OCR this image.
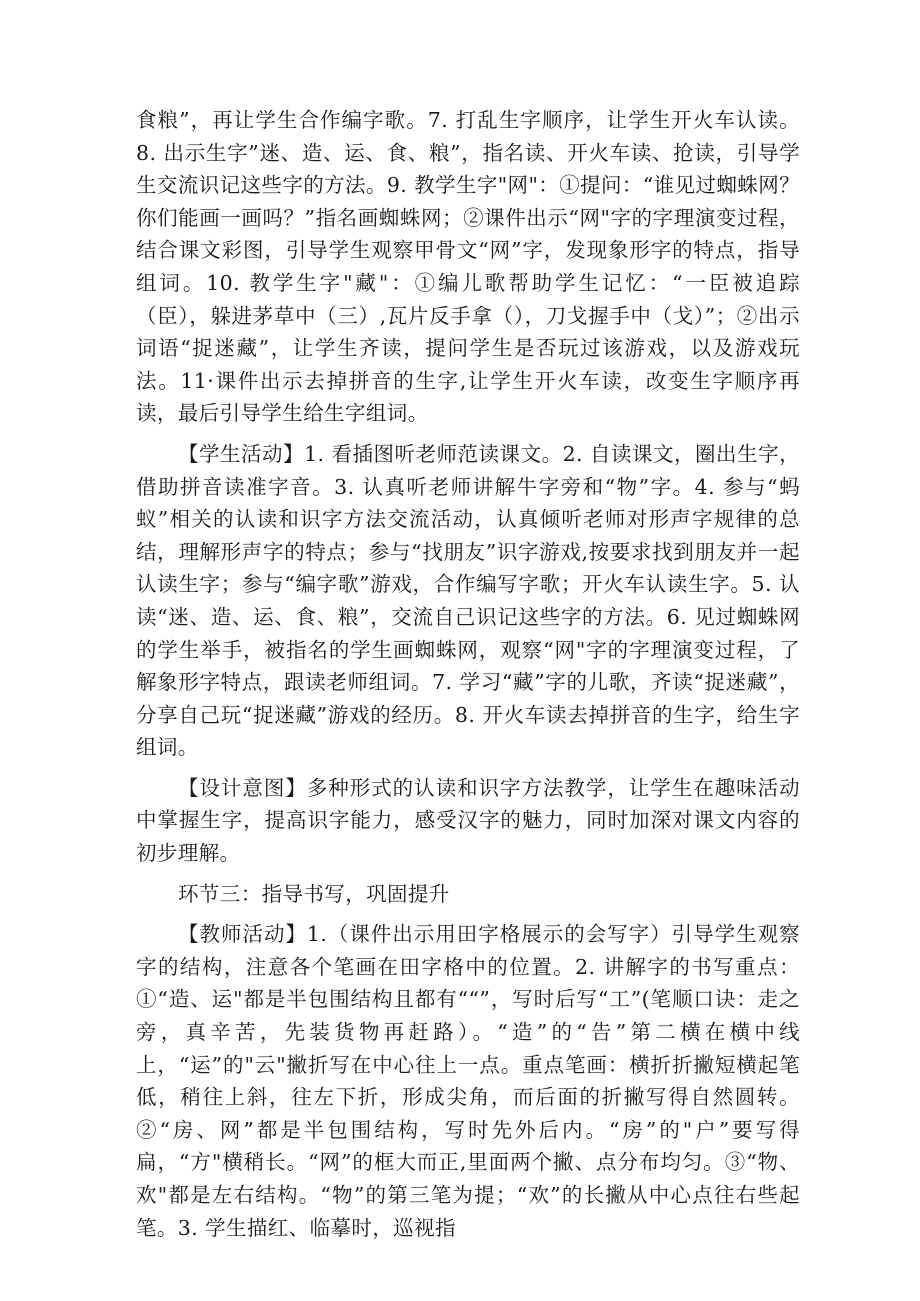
食粮”，再让学生合作编字歌。7. 打乱生字顺序，让学生开火车认读。8. 出示生字”迷、造、运、食、粮”，指名读、开火车读、抢读，引导学生交流识记这些字的方法。9. 教学生字"网"：①提问：“谁见过蜘蛛网？你们能画一画吗？”指名画蜘蛛网；②课件出示“网"字的字理演变过程，结合课文彩图，引导学生观察甲骨文“网”字，发现象形字的特点，指导组词。10. 教学生字"藏"：①编儿歌帮助学生记忆：“一臣被追踪（臣），躲进茅草中（三）,瓦片反手拿（），刀戈握手中（戈）”；②出示词语“捉迷藏”，让学生齐读，提问学生是否玩过该游戏，以及游戏玩法。11·课件出示去掉拼音的生字,让学生开火车读，改变生字顺序再读，最后引导学生给生字组词。

【学生活动】1. 看插图听老师范读课文。2. 自读课文，圈出生字，借助拼音读准字音。3. 认真听老师讲解牛字旁和“物”字。4. 参与“蚂蚁”相关的认读和识字方法交流活动，认真倾听老师对形声字规律的总结，理解形声字的特点；参与“找朋友”识字游戏,按要求找到朋友并一起认读生字；参与“编字歌”游戏，合作编写字歌；开火车认读生字。5. 认读“迷、造、运、食、粮”，交流自己识记这些字的方法。6. 见过蜘蛛网的学生举手，被指名的学生画蜘蛛网，观察“网"字的字理演变过程，了解象形字特点，跟读老师组词。7. 学习“藏”字的儿歌，齐读“捉迷藏”，分享自己玩“捉迷藏”游戏的经历。8. 开火车读去掉拼音的生字，给生字组词。

【设计意图】多种形式的认读和识字方法教学，让学生在趣味活动中掌握生字，提高识字能力，感受汉字的魅力，同时加深对课文内容的初步理解。

环节三：指导书写，巩固提升

【教师活动】1.（课件出示用田字格展示的会写字）引导学生观察字的结构，注意各个笔画在田字格中的位置。2. 讲解字的书写重点：①“造、运"都是半包围结构且都有““”，写时后写“工”(笔顺口诀：走之旁，真辛苦，先装货物再赶路）。“造”的“告”第二横在横中线上，“运”的"云"撇折写在中心往上一点。重点笔画：横折折撇短横起笔低，稍往上斜，往左下折，形成尖角，而后面的折撇写得自然圆转。②“房、网”都是半包围结构，写时先外后内。“房”的"户”要写得扁，“方"横稍长。“网”的框大而正,里面两个撇、点分布均匀。③“物、欢"都是左右结构。“物”的第三笔为提；“欢”的长撇从中心点往右些起笔。3. 学生描红、临摹时，巡视指
